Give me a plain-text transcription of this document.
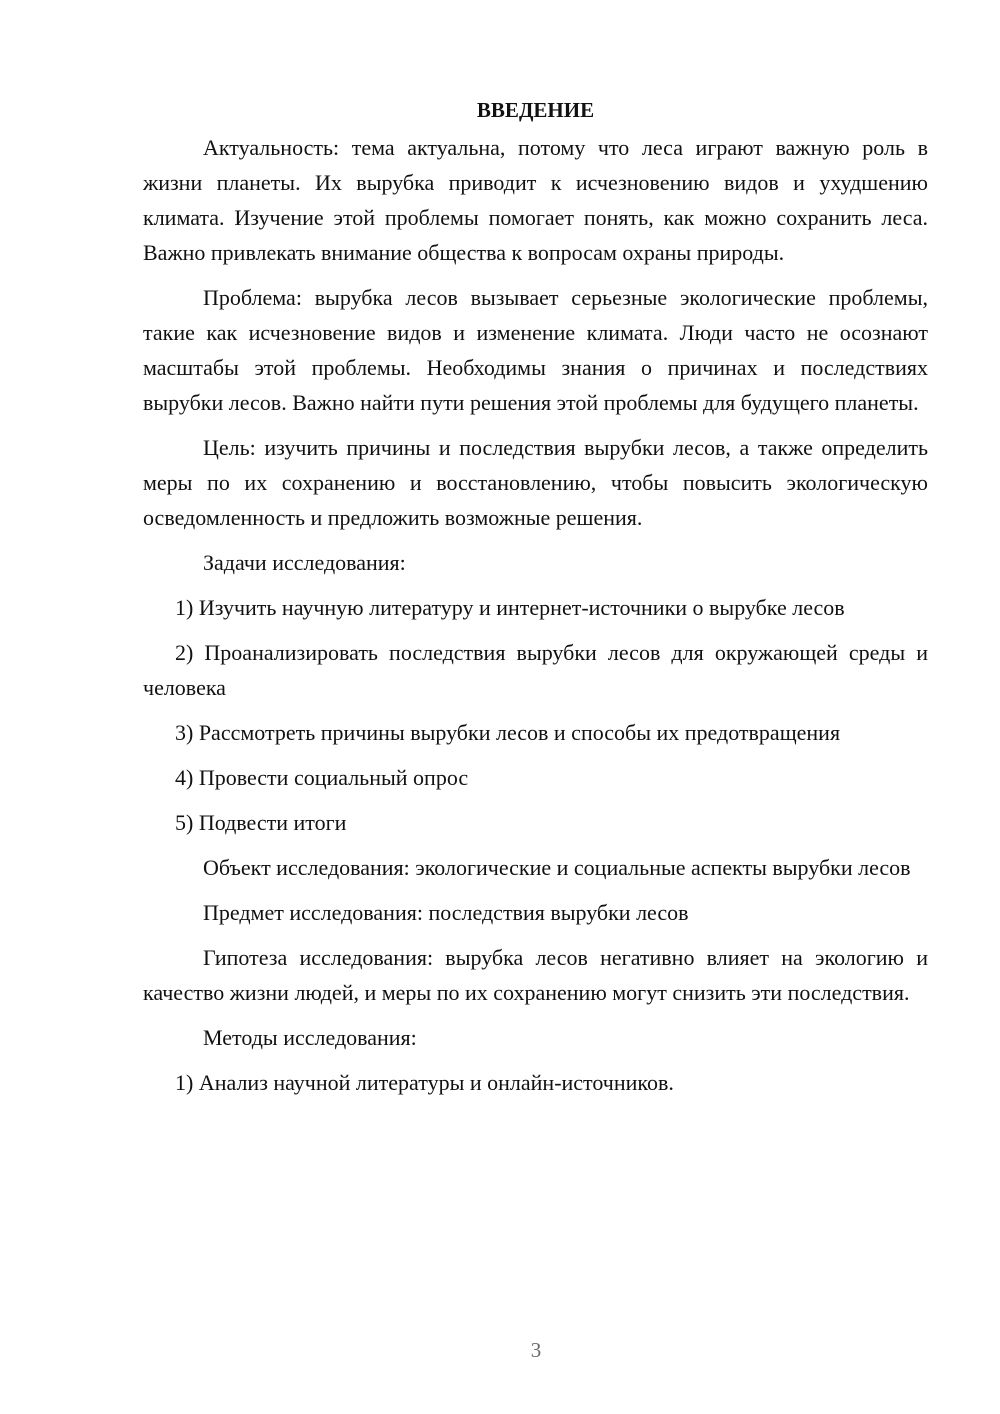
ВВЕДЕНИЕ

Актуальность: тема актуальна, потому что леса играют важную роль в жизни планеты. Их вырубка приводит к исчезновению видов и ухудшению климата. Изучение этой проблемы помогает понять, как можно сохранить леса. Важно привлекать внимание общества к вопросам охраны природы.

Проблема: вырубка лесов вызывает серьезные экологические проблемы, такие как исчезновение видов и изменение климата. Люди часто не осознают масштабы этой проблемы. Необходимы знания о причинах и последствиях вырубки лесов. Важно найти пути решения этой проблемы для будущего планеты.

Цель: изучить причины и последствия вырубки лесов, а также определить меры по их сохранению и восстановлению, чтобы повысить экологическую осведомленность и предложить возможные решения.

Задачи исследования:

1) Изучить научную литературу и интернет-источники о вырубке лесов

2) Проанализировать последствия вырубки лесов для окружающей среды и человека

3) Рассмотреть причины вырубки лесов и способы их предотвращения

4) Провести социальный опрос

5) Подвести итоги

Объект исследования: экологические и социальные аспекты вырубки лесов

Предмет исследования: последствия вырубки лесов

Гипотеза исследования: вырубка лесов негативно влияет на экологию и качество жизни людей, и меры по их сохранению могут снизить эти последствия.

Методы исследования:

1) Анализ научной литературы и онлайн-источников.

3
